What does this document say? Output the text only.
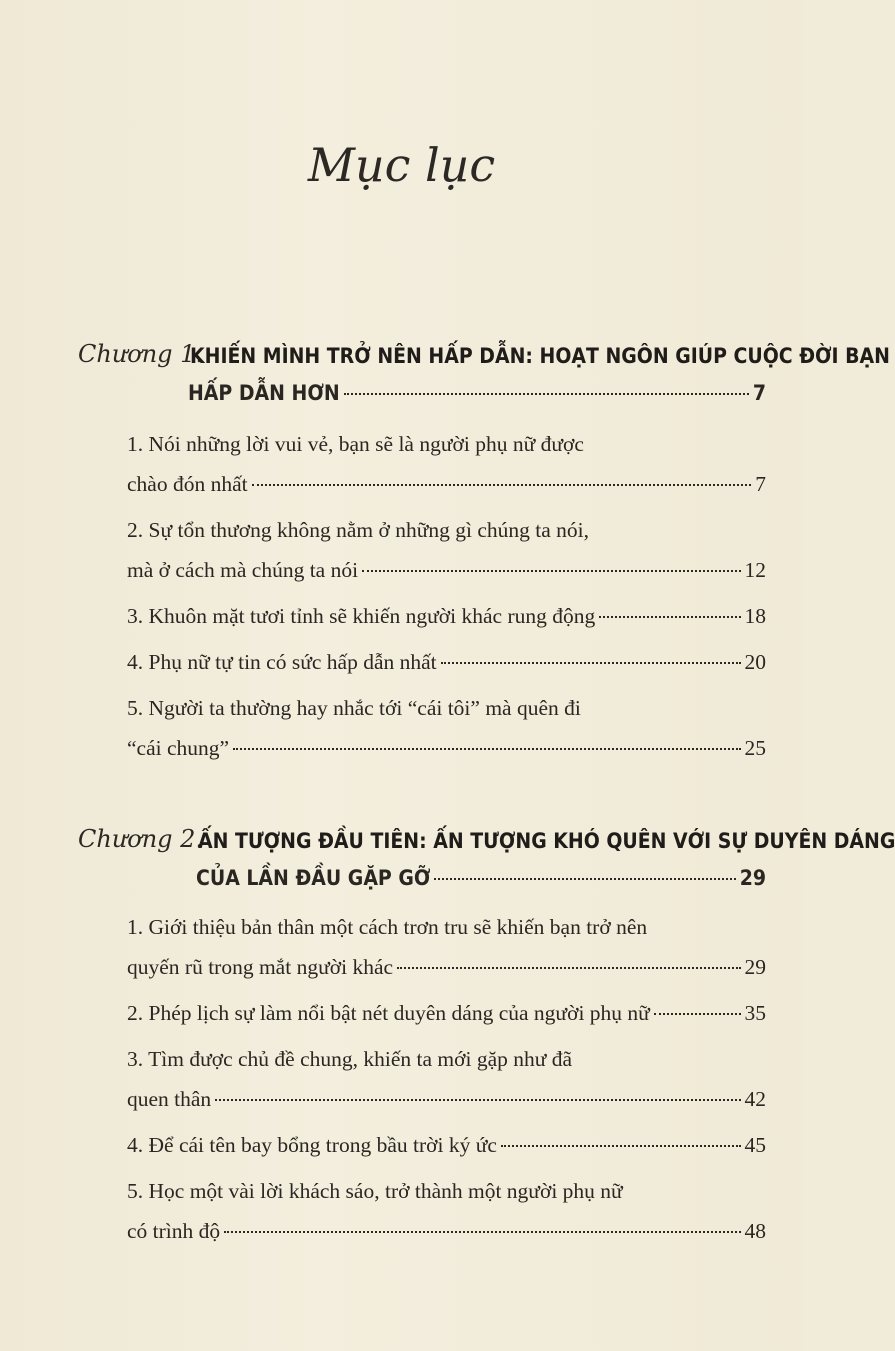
Mục lục
Chương 1.
KHIẾN MÌNH TRỞ NÊN HẤP DẪN: HOẠT NGÔN GIÚP CUỘC ĐỜI BẠN
HẤP DẪN HƠN	7
1. Nói những lời vui vẻ, bạn sẽ là người phụ nữ được
chào đón nhất	7
2. Sự tổn thương không nằm ở những gì chúng ta nói,
mà ở cách mà chúng ta nói	12
3. Khuôn mặt tươi tỉnh sẽ khiến người khác rung động	18
4. Phụ nữ tự tin có sức hấp dẫn nhất	20
5. Người ta thường hay nhắc tới “cái tôi” mà quên đi
“cái chung”	25
Chương 2.
ẤN TƯỢNG ĐẦU TIÊN: ẤN TƯỢNG KHÓ QUÊN VỚI SỰ DUYÊN DÁNG
CỦA LẦN ĐẦU GẶP GỠ	29
1. Giới thiệu bản thân một cách trơn tru sẽ khiến bạn trở nên
quyến rũ trong mắt người khác	29
2. Phép lịch sự làm nổi bật nét duyên dáng của người phụ nữ	35
3. Tìm được chủ đề chung, khiến ta mới gặp như đã
quen thân	42
4. Để cái tên bay bổng trong bầu trời ký ức	45
5. Học một vài lời khách sáo, trở thành một người phụ nữ
có trình độ	48
